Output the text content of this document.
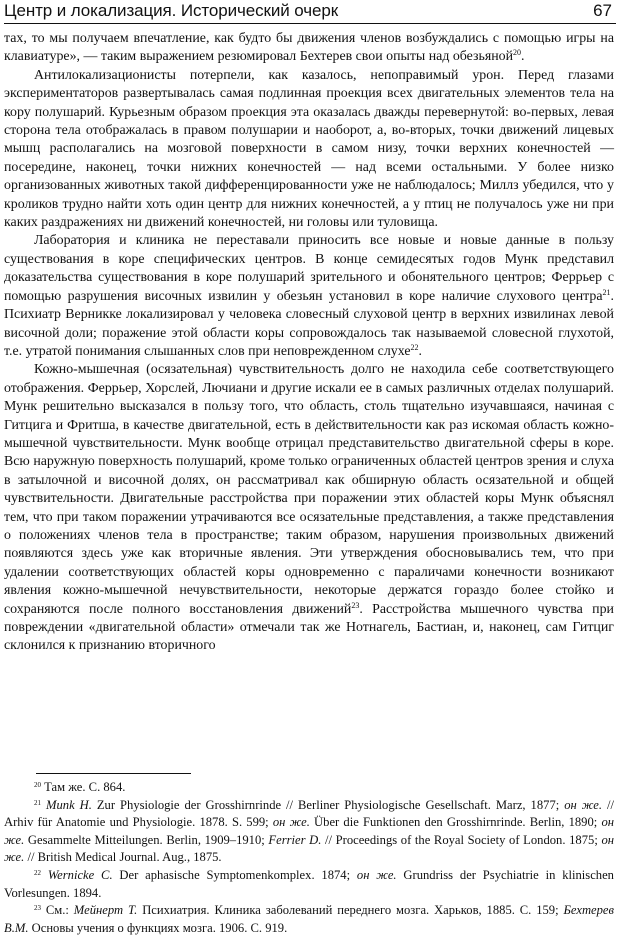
Центр и локализация. Исторический очерк	67

тах, то мы получаем впечатление, как будто бы движения членов возбуждались с помощью игры на клавиатуре», — таким выражением резюмировал Бехтерев свои опыты над обезьяной$^{20}$.

Антилокализационисты потерпели, как казалось, непоправимый урон. Перед глазами экспериментаторов развертывалась самая подлинная проекция всех двигательных элементов тела на кору полушарий. Курьезным образом проекция эта оказалась дважды перевернутой: во-первых, левая сторона тела отображалась в правом полушарии и наоборот, а, во-вторых, точки движений лицевых мышц располагались на мозговой поверхности в самом низу, точки верхних конечностей — посередине, наконец, точки нижних конечностей — над всеми остальными. У более низко организованных животных такой дифференцированности уже не наблюдалось; Миллз убедился, что у кроликов трудно найти хоть один центр для нижних конечностей, а у птиц не получалось уже ни при каких раздражениях ни движений конечностей, ни головы или туловища.

Лаборатория и клиника не переставали приносить все новые и новые данные в пользу существования в коре специфических центров. В конце семидесятых годов Мунк представил доказательства существования в коре полушарий зрительного и обонятельного центров; Феррьер с помощью разрушения височных извилин у обезьян установил в коре наличие слухового центра$^{21}$. Психиатр Верникке локализировал у человека словесный слуховой центр в верхних извилинах левой височной доли; поражение этой области коры сопровождалось так называемой словесной глухотой, т.е. утратой понимания слышанных слов при неповрежденном слухе$^{22}$.

Кожно-мышечная (осязательная) чувствительность долго не находила себе соответствующего отображения. Феррьер, Хорслей, Лючиани и другие искали ее в самых различных отделах полушарий. Мунк решительно высказался в пользу того, что область, столь тщательно изучавшаяся, начиная с Гитцига и Фритша, в качестве двигательной, есть в действительности как раз искомая область кожно-мышечной чувствительности. Мунк вообще отрицал представительство двигательной сферы в коре. Всю наружную поверхность полушарий, кроме только ограниченных областей центров зрения и слуха в затылочной и височной долях, он рассматривал как обширную область осязательной и общей чувствительности. Двигательные расстройства при поражении этих областей коры Мунк объяснял тем, что при таком поражении утрачиваются все осязательные представления, а также представления о положениях членов тела в пространстве; таким образом, нарушения произвольных движений появляются здесь уже как вторичные явления. Эти утверждения обосновывались тем, что при удалении соответствующих областей коры одновременно с параличами конечности возникают явления кожно-мышечной нечувствительности, некоторые держатся гораздо более стойко и сохраняются после полного восстановления движений$^{23}$. Расстройства мышечного чувства при повреждении «двигательной области» отмечали так же Нотнагель, Бастиан, и, наконец, сам Гитциг склонился к признанию вторичного

$^{20}$ Там же. С. 864.

$^{21}$ Munk H. Zur Physiologie der Grosshirnrinde // Berliner Physiologische Gesellschaft. Marz, 1877; он же. // Arhiv für Anatomie und Physiologie. 1878. S. 599; он же. Über die Funktionen den Grosshirnrinde. Berlin, 1890; он же. Gesammelte Mitteilungen. Berlin, 1909–1910; Ferrier D. // Proceedings of the Royal Society of London. 1875; он же. // British Medical Journal. Aug., 1875.

$^{22}$ Wernicke C. Der aphasische Symptomenkomplex. 1874; он же. Grundriss der Psychiatrie in klinischen Vorlesungen. 1894.

$^{23}$ См.: Мейнерт Т. Психиатрия. Клиника заболеваний переднего мозга. Харьков, 1885. С. 159; Бехтерев В.М. Основы учения о функциях мозга. 1906. С. 919.
